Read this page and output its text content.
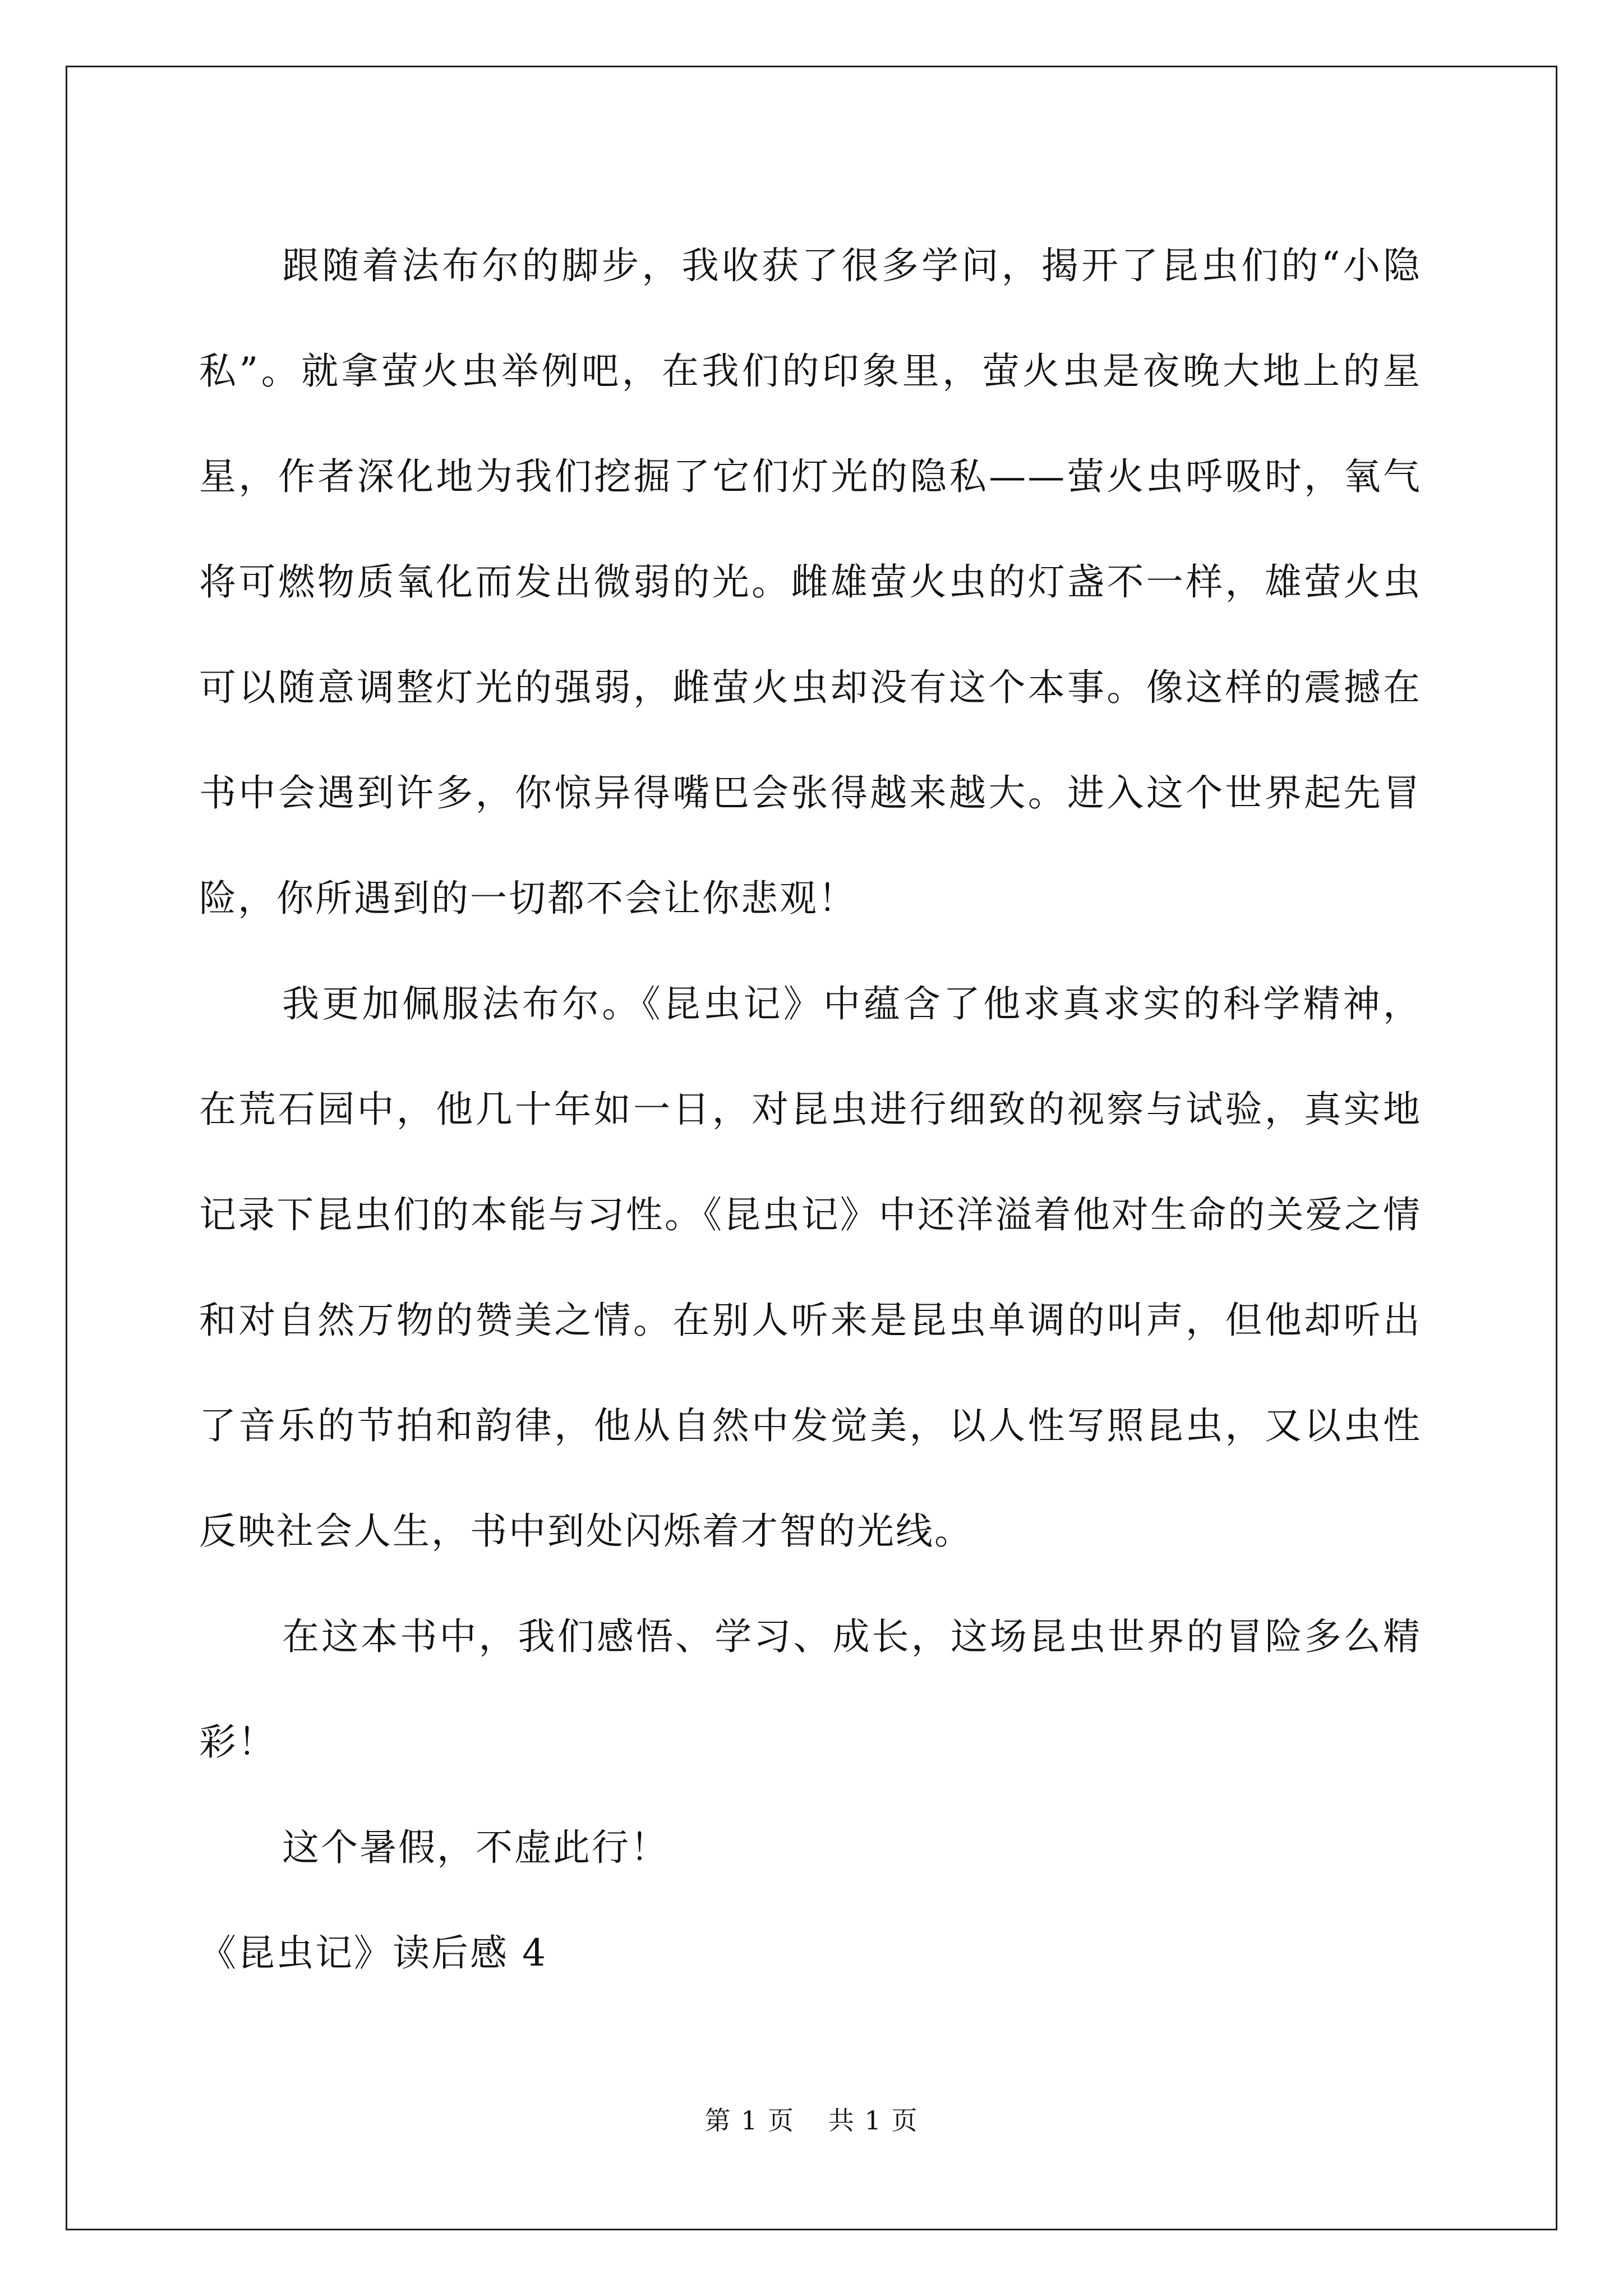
跟随着法布尔的脚步，我收获了很多学问，揭开了昆虫们的“小隐私”。就拿萤火虫举例吧，在我们的印象里，萤火虫是夜晚大地上的星星，作者深化地为我们挖掘了它们灯光的隐私——萤火虫呼吸时，氧气将可燃物质氧化而发出微弱的光。雌雄萤火虫的灯盏不一样，雄萤火虫可以随意调整灯光的强弱，雌萤火虫却没有这个本事。像这样的震撼在书中会遇到许多，你惊异得嘴巴会张得越来越大。进入这个世界起先冒险，你所遇到的一切都不会让你悲观！

我更加佩服法布尔。《昆虫记》中蕴含了他求真求实的科学精神，在荒石园中，他几十年如一日，对昆虫进行细致的视察与试验，真实地记录下昆虫们的本能与习性。《昆虫记》中还洋溢着他对生命的关爱之情和对自然万物的赞美之情。在别人听来是昆虫单调的叫声，但他却听出了音乐的节拍和韵律，他从自然中发觉美，以人性写照昆虫，又以虫性反映社会人生，书中到处闪烁着才智的光线。

在这本书中，我们感悟、学习、成长，这场昆虫世界的冒险多么精彩！

这个暑假，不虚此行！

《昆虫记》读后感 4

第 1 页 共 1 页
